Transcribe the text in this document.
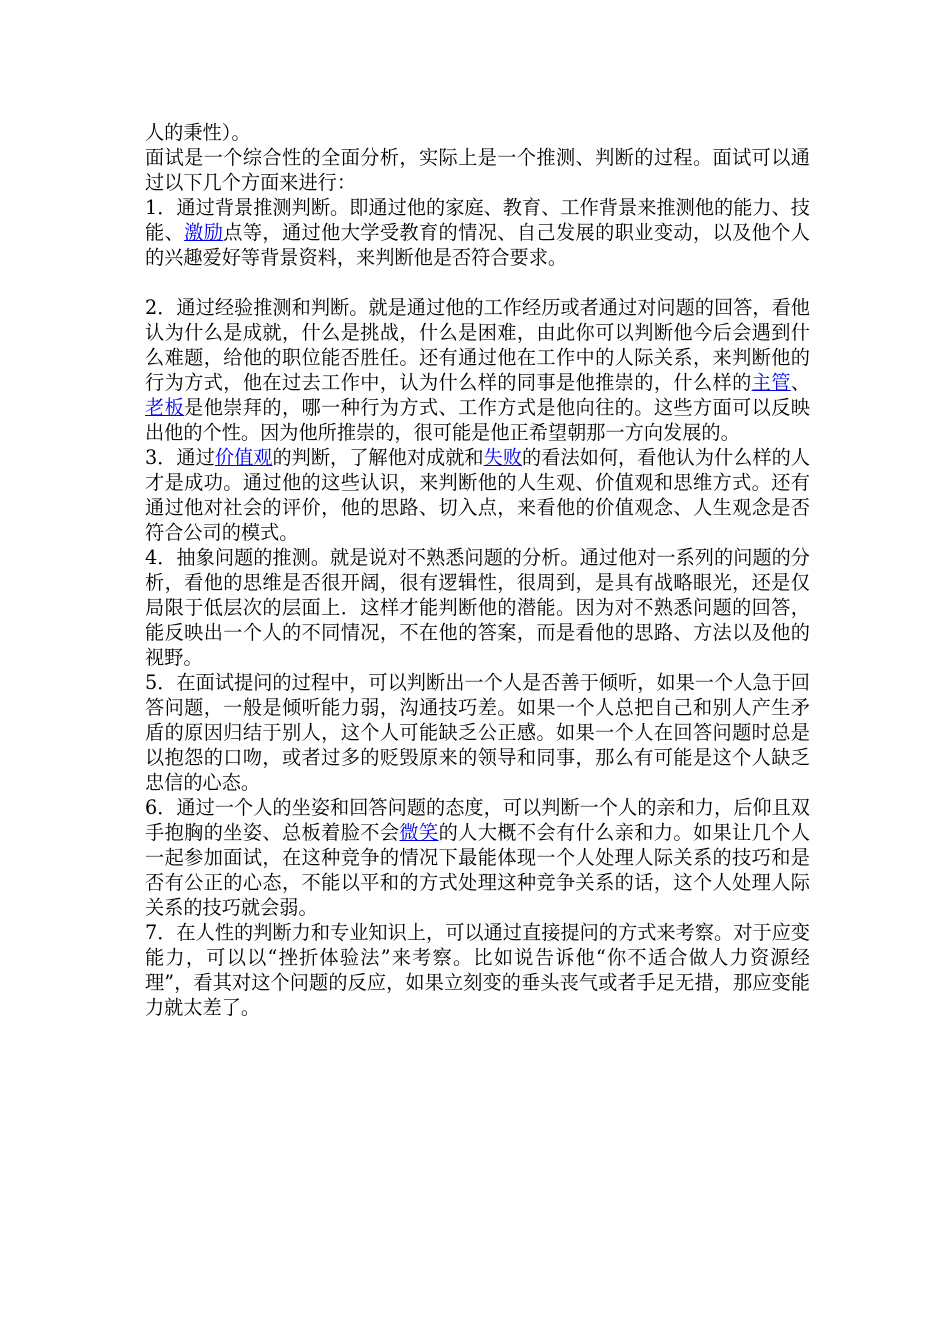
人的秉性）。

面试是一个综合性的全面分析，实际上是一个推测、判断的过程。面试可以通过以下几个方面来进行：

1．通过背景推测判断。即通过他的家庭、教育、工作背景来推测他的能力、技能、激励点等，通过他大学受教育的情况、自己发展的职业变动，以及他个人的兴趣爱好等背景资料，来判断他是否符合要求。

2．通过经验推测和判断。就是通过他的工作经历或者通过对问题的回答，看他认为什么是成就，什么是挑战，什么是困难，由此你可以判断他今后会遇到什么难题，给他的职位能否胜任。还有通过他在工作中的人际关系，来判断他的行为方式，他在过去工作中，认为什么样的同事是他推崇的，什么样的主管、老板是他崇拜的，哪一种行为方式、工作方式是他向往的。这些方面可以反映出他的个性。因为他所推崇的，很可能是他正希望朝那一方向发展的。

3．通过价值观的判断，了解他对成就和失败的看法如何，看他认为什么样的人才是成功。通过他的这些认识，来判断他的人生观、价值观和思维方式。还有通过他对社会的评价，他的思路、切入点，来看他的价值观念、人生观念是否符合公司的模式。

4．抽象问题的推测。就是说对不熟悉问题的分析。通过他对一系列的问题的分析，看他的思维是否很开阔，很有逻辑性，很周到，是具有战略眼光，还是仅局限于低层次的层面上．这样才能判断他的潜能。因为对不熟悉问题的回答，能反映出一个人的不同情况，不在他的答案，而是看他的思路、方法以及他的视野。

5．在面试提问的过程中，可以判断出一个人是否善于倾听，如果一个人急于回答问题，一般是倾听能力弱，沟通技巧差。如果一个人总把自己和别人产生矛盾的原因归结于别人，这个人可能缺乏公正感。如果一个人在回答问题时总是以抱怨的口吻，或者过多的贬毁原来的领导和同事，那么有可能是这个人缺乏忠信的心态。

6．通过一个人的坐姿和回答问题的态度，可以判断一个人的亲和力，后仰且双手抱胸的坐姿、总板着脸不会微笑的人大概不会有什么亲和力。如果让几个人一起参加面试，在这种竞争的情况下最能体现一个人处理人际关系的技巧和是否有公正的心态，不能以平和的方式处理这种竞争关系的话，这个人处理人际关系的技巧就会弱。

7．在人性的判断力和专业知识上，可以通过直接提问的方式来考察。对于应变能力，可以以“挫折体验法”来考察。比如说告诉他“你不适合做人力资源经理”，看其对这个问题的反应，如果立刻变的垂头丧气或者手足无措，那应变能力就太差了。
